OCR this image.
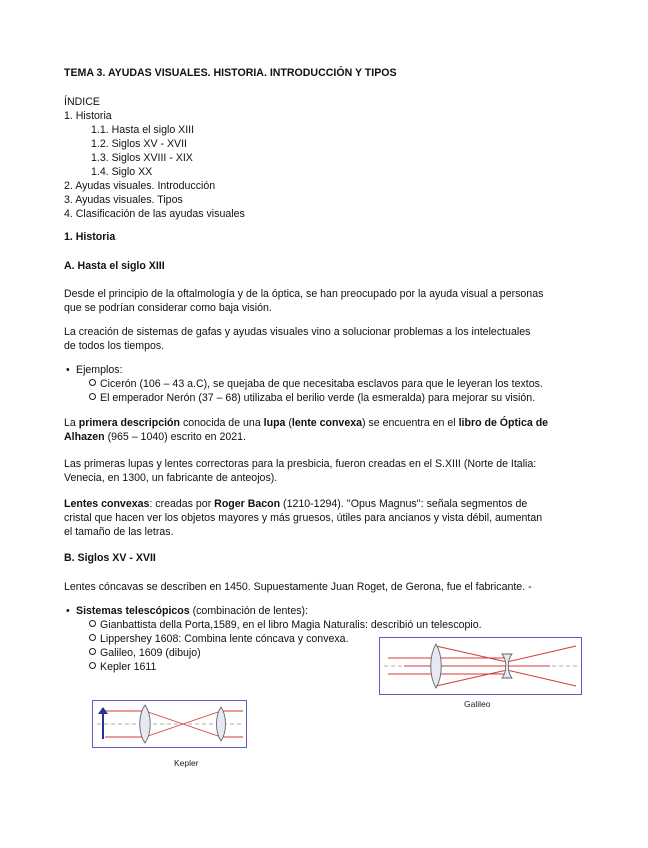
TEMA 3. AYUDAS VISUALES. HISTORIA. INTRODUCCIÓN Y TIPOS
ÍNDICE
1. Historia
1.1. Hasta el siglo XIII
1.2. Siglos XV - XVII
1.3. Siglos XVIII - XIX
1.4. Siglo XX
2. Ayudas visuales. Introducción
3. Ayudas visuales. Tipos
4. Clasificación de las ayudas visuales
1. Historia
A. Hasta el siglo XIII
Desde el principio de la oftalmología y de la óptica, se han preocupado por la ayuda visual a personas
que se podrían considerar como baja visión.
La creación de sistemas de gafas y ayudas visuales vino a solucionar problemas a los intelectuales
de todos los tiempos.
• Ejemplos:
Cicerón (106 – 43 a.C), se quejaba de que necesitaba esclavos para que le leyeran los textos.
El emperador Nerón (37 – 68) utilizaba el berilio verde (la esmeralda) para mejorar su visión.
La primera descripción conocida de una lupa (lente convexa) se encuentra en el libro de Óptica de
Alhazen (965 – 1040) escrito en 2021.
Las primeras lupas y lentes correctoras para la presbicia, fueron creadas en el S.XIII (Norte de Italia:
Venecia, en 1300, un fabricante de anteojos).
Lentes convexas: creadas por Roger Bacon (1210-1294). ''Opus Magnus'': señala segmentos de
cristal que hacen ver los objetos mayores y más gruesos, útiles para ancianos y vista débil, aumentan
el tamaño de las letras.
B. Siglos XV - XVII
Lentes cóncavas se describen en 1450. Supuestamente Juan Roget, de Gerona, fue el fabricante. -
• Sistemas telescópicos (combinación de lentes):
Gianbattista della Porta,1589, en el libro Magia Naturalis: describió un telescopio.
Lippershey 1608: Combina lente cóncava y convexa.
Galileo, 1609 (dibujo)
Kepler 1611
Galileo
Kepler
